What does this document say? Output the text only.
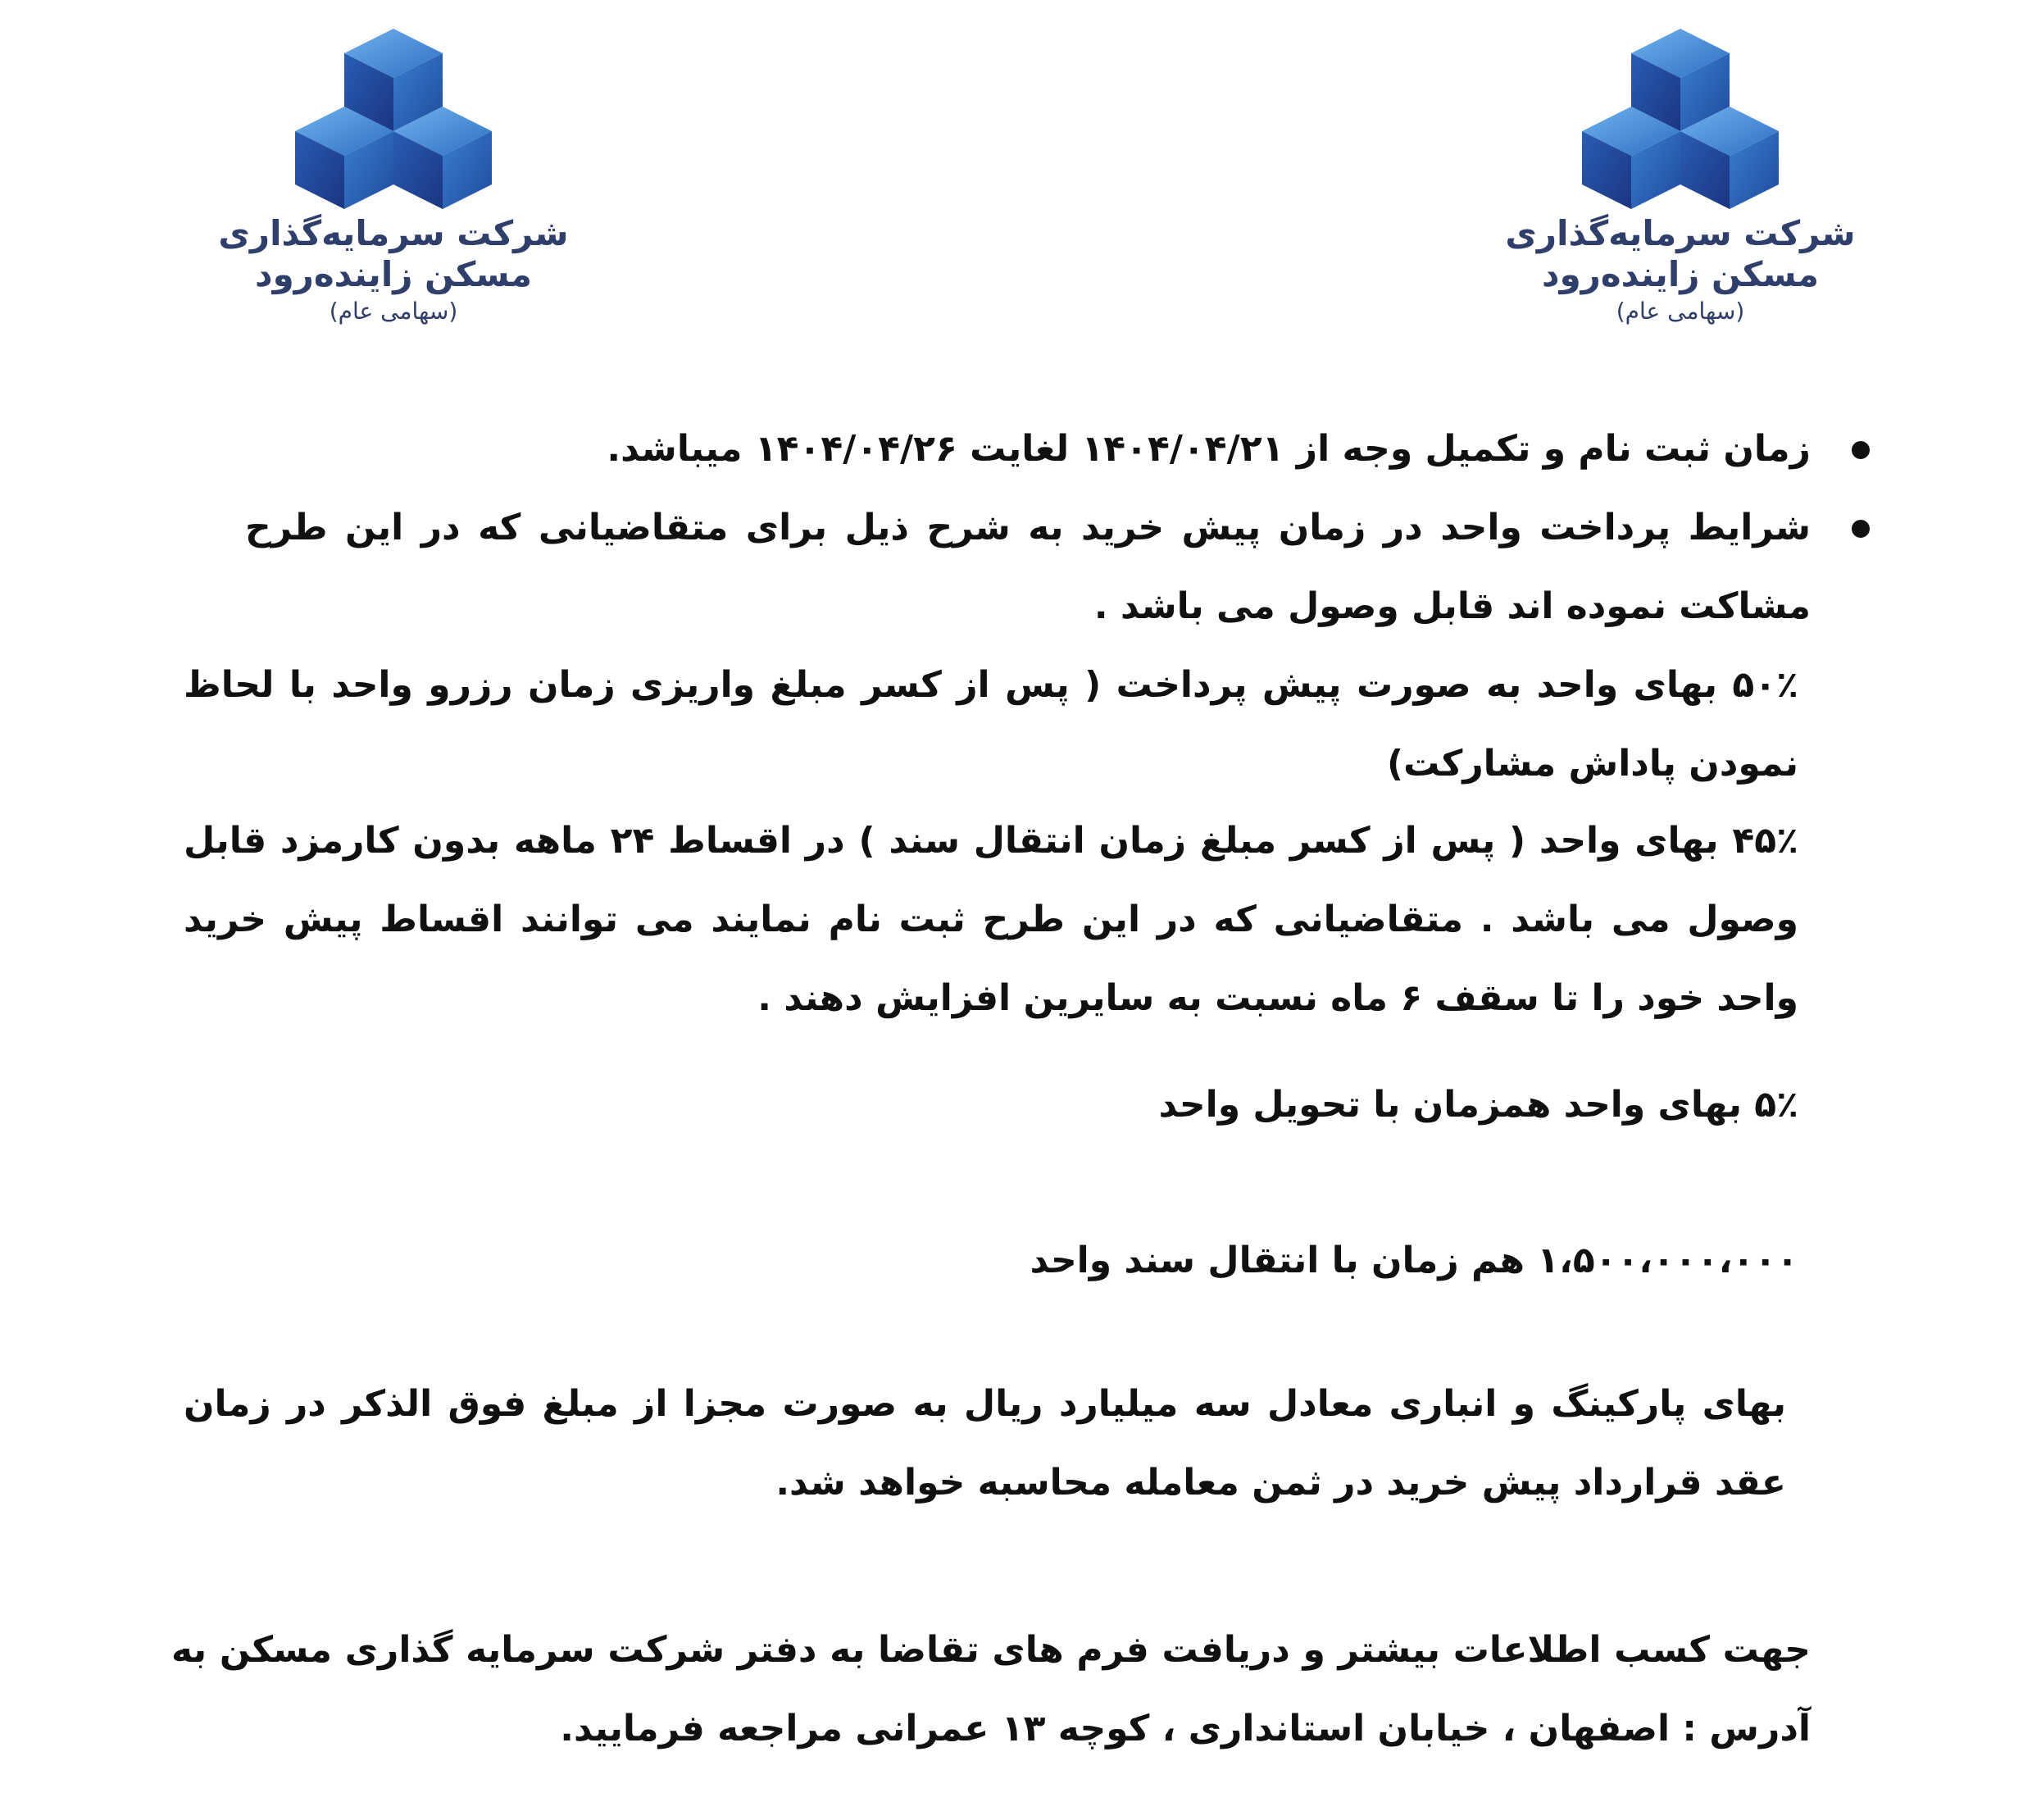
شرکت سرمایه‌گذاری
مسکن زاینده‌رود
(سهامی عام)
شرکت سرمایه‌گذاری
مسکن زاینده‌رود
(سهامی عام)
زمان ثبت نام و تکمیل وجه از ۱۴۰۴/۰۴/۲۱ لغایت ۱۴۰۴/۰۴/۲۶ میباشد.
شرایط پرداخت واحد در زمان پیش خرید به شرح ذیل برای متقاضیانی که در این طرح مشاکت نموده اند قابل وصول می باشد .
۵۰٪ بهای واحد به صورت پیش پرداخت ( پس از کسر مبلغ واریزی زمان رزرو واحد با لحاظ نمودن پاداش مشارکت)
۴۵٪ بهای واحد ( پس از کسر مبلغ زمان انتقال سند ) در اقساط ۲۴ ماهه بدون کارمزد قابل وصول می باشد . متقاضیانی که در این طرح ثبت نام نمایند می توانند اقساط پیش خرید واحد خود را تا سقف ۶ ماه نسبت به سایرین افزایش دهند .
۵٪ بهای واحد همزمان با تحویل واحد
۱،۵۰۰،۰۰۰،۰۰۰ هم زمان با انتقال سند واحد
بهای پارکینگ و انباری معادل سه میلیارد ریال به صورت مجزا از مبلغ فوق الذکر در زمان عقد قرارداد پیش خرید در ثمن معامله محاسبه خواهد شد.
جهت کسب اطلاعات بیشتر و دریافت فرم های تقاضا به دفتر شرکت سرمایه گذاری مسکن به آدرس : اصفهان ، خیابان استانداری ، کوچه ۱۳ عمرانی مراجعه فرمایید.
